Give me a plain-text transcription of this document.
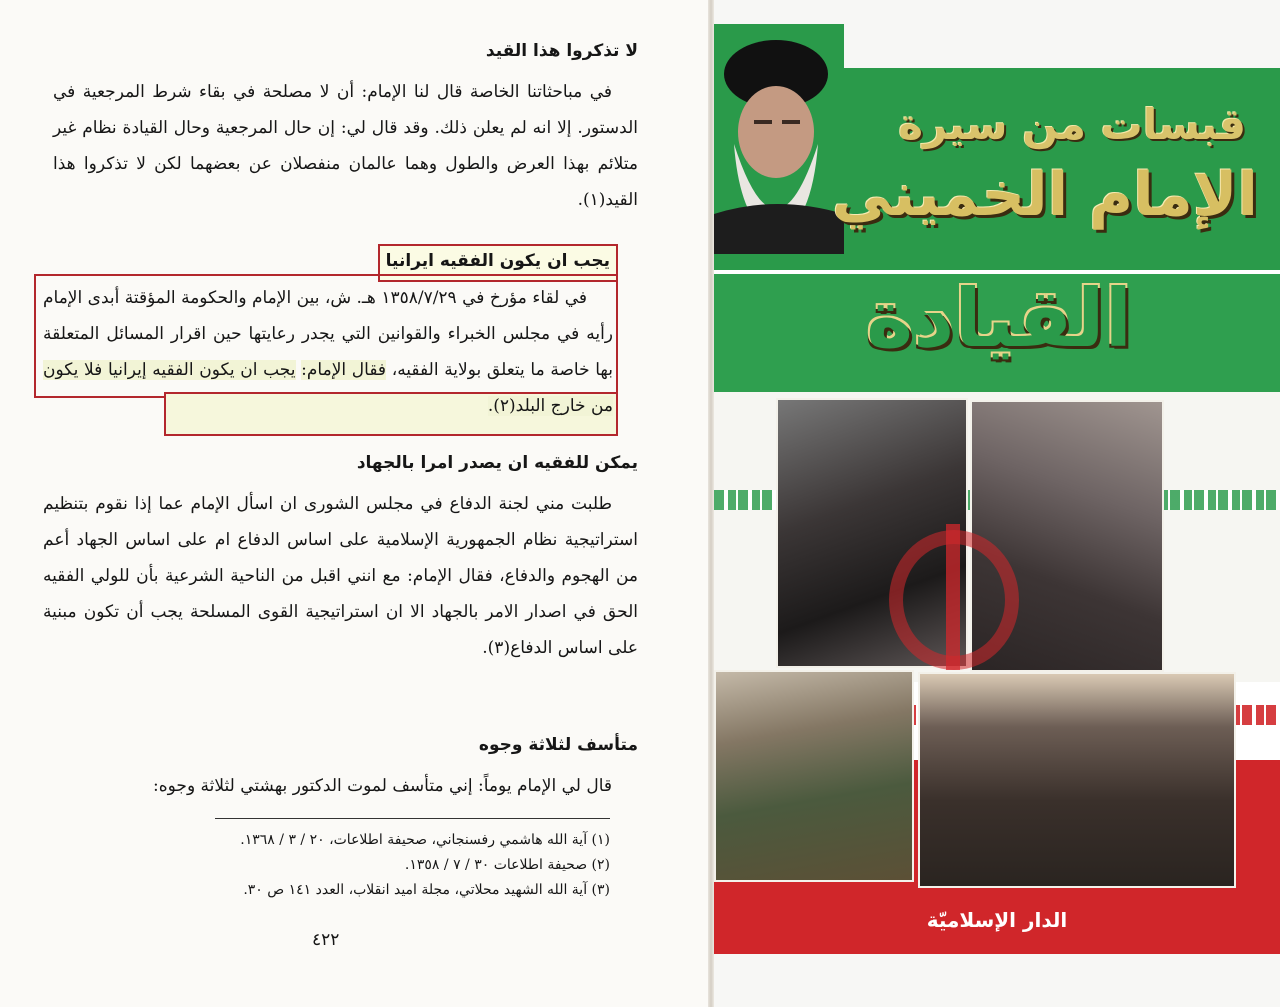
لا تذكروا هذا القيد

في مباحثاتنا الخاصة قال لنا الإمام: أن لا مصلحة في بقاء شرط المرجعية في الدستور. إلا انه لم يعلن ذلك. وقد قال لي: إن حال المرجعية وحال القيادة نظام غير متلائم بهذا العرض والطول وهما عالمان منفصلان عن بعضهما لكن لا تذكروا هذا القيد(١).

يجب ان يكون الفقيه ايرانيا

في لقاء مؤرخ في ١٣٥٨/٧/٢٩ هـ. ش، بين الإمام والحكومة المؤقتة أبدى الإمام رأيه في مجلس الخبراء والقوانين التي يجدر رعايتها حين اقرار المسائل المتعلقة بها خاصة ما يتعلق بولاية الفقيه، فقال الإمام: يجب ان يكون الفقيه إيرانيا فلا يكون من خارج البلد(٢).

يمكن للفقيه ان يصدر امرا بالجهاد

طلبت مني لجنة الدفاع في مجلس الشورى ان اسأل الإمام عما إذا نقوم بتنظيم استراتيجية نظام الجمهورية الإسلامية على اساس الدفاع ام على اساس الجهاد أعم من الهجوم والدفاع، فقال الإمام: مع انني اقبل من الناحية الشرعية بأن للولي الفقيه الحق في اصدار الامر بالجهاد الا ان استراتيجية القوى المسلحة يجب أن تكون مبنية على اساس الدفاع(٣).

متأسف لثلاثة وجوه

قال لي الإمام يوماً: إني متأسف لموت الدكتور بهشتي لثلاثة وجوه:

(١) آية الله هاشمي رفسنجاني، صحيفة اطلاعات، ٢٠ / ٣ / ١٣٦٨.

(٢) صحيفة اطلاعات ٣٠ / ٧ / ١٣٥٨.

(٣) آية الله الشهيد محلاتي، مجلة اميد انقلاب، العدد ١٤١ ص ٣٠.

٤٢٢
قبسات من سيرة
الإمام الخميني
القيادة
الدار الإسلاميّة
